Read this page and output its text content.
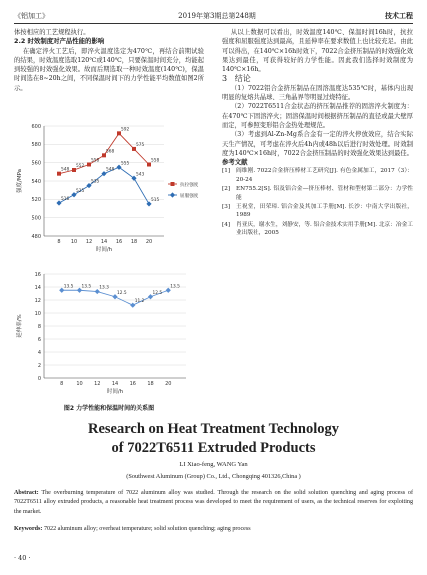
《铝加工》	2019年第3期总第248期	技术工程

体按相应的工艺规程执行。

2.2 时效制度对产品性能的影响

在确定淬火工艺后，即淬火温度选定为470℃，再结合前期试验的结果，时效温度选取120℃或140℃，只要保温时间充分，均能起到较强的时效强化效果。故而后期选取一种时效温度(140℃)，保温时间选在8~20h之间，不同保温时间下的力学性能平均数值如图2所示。

480
500
520
540
560
580
600
8 10 12 14 16 18 20
时间/h
强度/MPa	548
552
558
568
592
575
558
516
525
535
548
555
543
515
抗拉强度
屈服强度
0
2
4
6
8
10
12
14
16
8	10 12 14 16 18 20
时间/h
延伸率/%
13.5 13.5 13.3
12.5
11.2
12.5
13.5
图2 力学性能和保温时间的关系图

从以上数据可以看出，时效温度140℃、保温时间16h时，抗拉强度和屈服强度达到最高，且延伸率在要求数值上也比较充足。由此可以得出，在140℃×16h时效下，7022合金挤压制品的时效强化效果达到最佳，可获得较好的力学性能。因此我们选择时效制度为140℃×16h。

3 结论

（1）7022铝合金挤压制品在固溶温度达535℃时，基体内出现明显的复熔共晶球、三角晶界等明显过烧特征。

（2）7022T6511合金状态的挤压制品推荐的固溶淬火制度为：在470℃下固溶淬火；固溶保温时间根据挤压制品的直径或最大壁厚而定，可参照变形铝合金热处理规范。

（3）考虑到Al-Zn-Mg系合金有一定的淬火停放效应，结合实际天生产情况，可考虑在淬火后4h内或48h以后进行时效处理。时效制度为140℃×16h时，7022合金挤压制品的时效强化效果达到最佳。

参考文献

[1]	阎维刚. 7022合金挤压棒材工艺研究[J]. 有色金属加工，2017（3）：20-24
[2]	EN755.2[S]. 铝及铝合金—挤压棒材、管材和型材第二部分：力学性能
[3]	王祝堂，田荣璋. 铝合金及其加工手册[M]. 长沙：中南大学出版社，1989
[4]	肖亚庆，谢水生，刘静安，等. 铝合金技术实用手册[M]. 北京：冶金工业出版社，2005
Research on Heat Treatment Technology
of 7022T6511 Extruded Products
LI Xiao-feng, WANG Yan
(Southwest Aluminum (Group) Co., Ltd., Chongqing 401326,China )
Abstract: The overburning temperature of 7022 aluminum alloy was studied. Through the research on the solid solution quenching and aging process of 7022T6511 alloy extruded products, a reasonable heat treatment process was developed to meet the requirement of users, as the technical reserves for exploiting the market.
Keywords: 7022 aluminum alloy; overheat temperature; solid solution quenching; aging process
· 40 ·
